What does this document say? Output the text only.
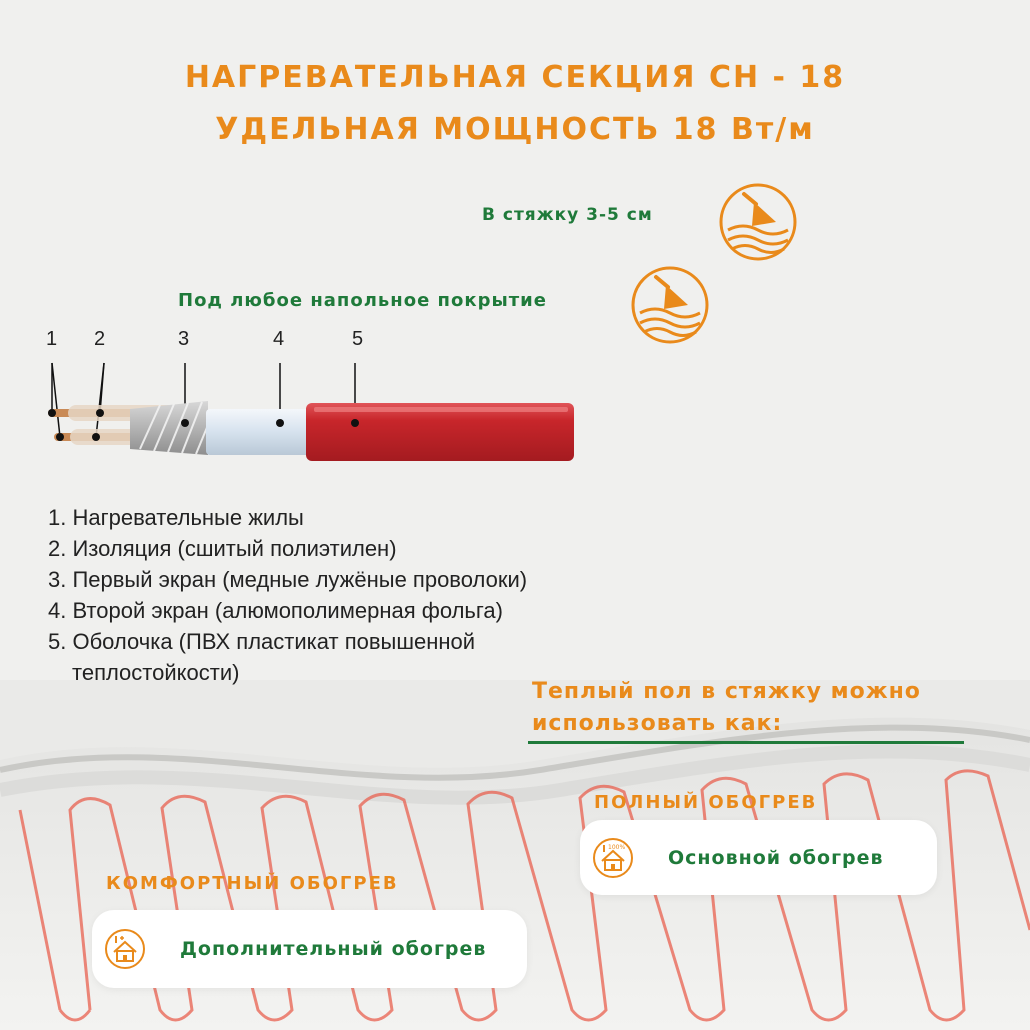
НАГРЕВАТЕЛЬНАЯ СЕКЦИЯ СН - 18
УДЕЛЬНАЯ МОЩНОСТЬ 18 Вт/м
В стяжку 3-5 см
Под любое напольное покрытие
1 2	3	4	5
1. Нагревательные жилы
2. Изоляция (сшитый полиэтилен)
3. Первый экран (медные лужёные проволоки)
4. Второй экран (алюмополимерная фольга)
5. Оболочка (ПВХ пластикат повышенной
теплостойкости)
Теплый пол в стяжку можно
использовать как:
ПОЛНЫЙ ОБОГРЕВ
100% Основной обогрев
КОМФОРТНЫЙ ОБОГРЕВ
Дополнительный обогрев
